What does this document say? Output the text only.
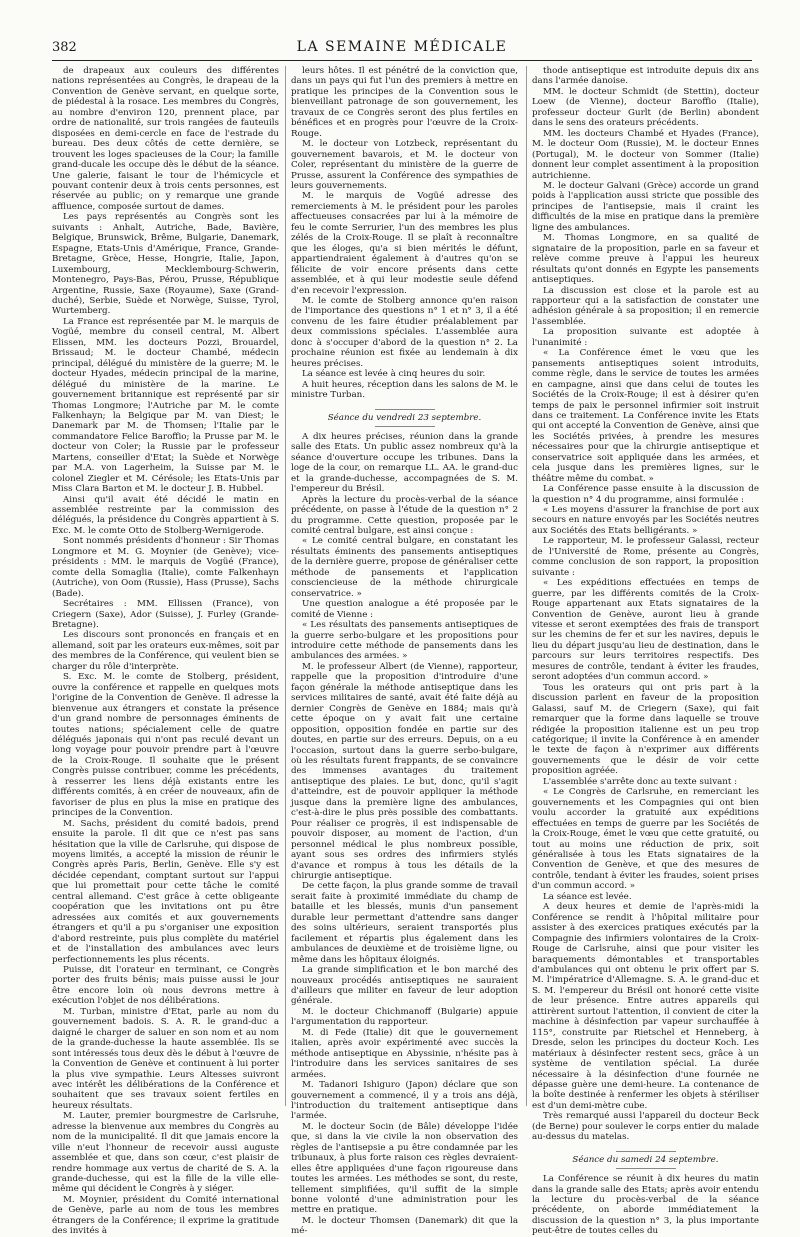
382	LA SEMAINE MÉDICALE

de drapeaux aux couleurs des différentes nations représentées au Congrès, le drapeau de la Convention de Genève servant, en quelque sorte, de piédestal à la rosace. Les membres du Congrès, au nombre d'environ 120, prennent place, par ordre de nationalité, sur trois rangées de fauteuils disposées en demi-cercle en face de l'estrade du bureau. Des deux côtés de cette dernière, se trouvent les loges spacieuses de la Cour; la famille grand-ducale les occupe dès le début de la séance. Une galerie, faisant le tour de l'hémicycle et pouvant contenir deux à trois cents personnes, est réservée au public; on y remarque une grande affluence, composée surtout de dames.

Les pays représentés au Congrès sont les suivants : Anhalt, Autriche, Bade, Bavière, Belgique, Brunswick, Brême, Bulgarie, Danemark, Espagne, Etats-Unis d'Amérique, France, Grande-Bretagne, Grèce, Hesse, Hongrie, Italie, Japon, Luxembourg, Mecklembourg-Schwerin, Montenegro, Pays-Bas, Pérou, Prusse, République Argentine, Russie, Saxe (Royaume), Saxe (Grand-duché), Serbie, Suède et Norwège, Suisse, Tyrol, Wurtemberg.

La France est représentée par M. le marquis de Vogüé, membre du conseil central, M. Albert Elissen, MM. les docteurs Pozzi, Brouardel, Brissaud; M. le docteur Chambé, médecin principal, délégué du ministère de la guerre; M. le docteur Hyades, médecin principal de la marine, délégué du ministère de la marine. Le gouvernement britannique est représenté par sir Thomas Longmore; l'Autriche par M. le comte Falkenhayn; la Belgique par M. van Diest; le Danemark par M. de Thomsen; l'Italie par le commandatore Felice Baroffio; la Prusse par M. le docteur von Coler; la Russie par le professeur Martens, conseiller d'Etat; la Suède et Norwège par M.A. von Lagerheim, la Suisse par M. le colonel Ziegler et M. Cérésole; les Etats-Unis par Miss Clara Barton et M. le docteur J. B. Hubbel.

Ainsi qu'il avait été décidé le matin en assemblée restreinte par la commission des délégués, la présidence du Congrès appartient à S. Exc. M. le comte Otto de Stolberg-Wernigerode.

Sont nommés présidents d'honneur : Sir Thomas Longmore et M. G. Moynier (de Genève); vice-présidents : MM. le marquis de Vogüé (France), comte della Somaglia (Italie), comte Falkenhayn (Autriche), von Oom (Russie), Hass (Prusse), Sachs (Bade).

Secrétaires : MM. Ellissen (France), von Criegern (Saxe), Ador (Suisse), J. Furley (Grande-Bretagne).

Les discours sont prononcés en français et en allemand, soit par les orateurs eux-mêmes, soit par des membres de la Conférence, qui veulent bien se charger du rôle d'interprète.

S. Exc. M. le comte de Stolberg, président, ouvre la conférence et rappelle en quelques mots l'origine de la Convention de Genève. Il adresse la bienvenue aux étrangers et constate la présence d'un grand nombre de personnages éminents de toutes nations; spécialement celle de quatre délégués japonais qui n'ont pas reculé devant un long voyage pour pouvoir prendre part à l'œuvre de la Croix-Rouge. Il souhaite que le présent Congrès puisse contribuer, comme les précédents, à resserrer les liens déjà existants entre les différents comités, à en créer de nouveaux, afin de favoriser de plus en plus la mise en pratique des principes de la Convention.

M. Sachs, président du comité badois, prend ensuite la parole. Il dit que ce n'est pas sans hésitation que la ville de Carlsruhe, qui dispose de moyens limités, a accepté la mission de réunir le Congrès après Paris, Berlin, Genève. Elle s'y est décidée cependant, comptant surtout sur l'appui que lui promettait pour cette tâche le comité central allemand. C'est grâce à cette obligeante coopération que les invitations ont pu être adressées aux comités et aux gouvernements étrangers et qu'il a pu s'organiser une exposition d'abord restreinte, puis plus complète du matériel et de l'installation des ambulances avec leurs perfectionnements les plus récents.

Puisse, dit l'orateur en terminant, ce Congrès porter des fruits bénis; mais puisse aussi le jour être encore loin où nous devrons mettre à exécution l'objet de nos délibérations.

M. Turban, ministre d'Etat, parle au nom du gouvernement badois. S. A. R. le grand-duc a daigné le charger de saluer en son nom et au nom de la grande-duchesse la haute assemblée. Ils se sont intéressés tous deux dès le début à l'œuvre de la Convention de Genève et continuent à lui porter la plus vive sympathie. Leurs Altesses suivront avec intérêt les délibérations de la Conférence et souhaitent que ses travaux soient fertiles en heureux résultats.

M. Lauter, premier bourgmestre de Carlsruhe, adresse la bienvenue aux membres du Congrès au nom de la municipalité. Il dit que jamais encore la ville n'eut l'honneur de recevoir aussi auguste assemblée et que, dans son cœur, c'est plaisir de rendre hommage aux vertus de charité de S. A. la grande-duchesse, qui est la fille de la ville elle-même qui décident le Congrès à y siéger.

M. Moynier, président du Comité international de Genève, parle au nom de tous les membres étrangers de la Conférence; il exprime la gratitude des invités à

leurs hôtes. Il est pénétré de la conviction que, dans un pays qui fut l'un des premiers à mettre en pratique les principes de la Convention sous le bienveillant patronage de son gouvernement, les travaux de ce Congrès seront des plus fertiles en bénéfices et en progrès pour l'œuvre de la Croix-Rouge.

M. le docteur von Lotzbeck, représentant du gouvernement bavarois, et M. le docteur von Coler, représentant du ministère de la guerre de Prusse, assurent la Conférence des sympathies de leurs gouvernements.

M. le marquis de Vogüé adresse des remerciements à M. le président pour les paroles affectueuses consacrées par lui à la mémoire de feu le comte Serrurier, l'un des membres les plus zélés de la Croix-Rouge. Il se plaît à reconnaître que les éloges, qu'a si bien mérités le défunt, appartiendraient également à d'autres qu'on se félicite de voir encore présents dans cette assemblée, et à qui leur modestie seule défend d'en recevoir l'expression.

M. le comte de Stolberg annonce qu'en raison de l'importance des questions n° 1 et n° 3, il a été convenu de les faire étudier préalablement par deux commissions spéciales. L'assemblée aura donc à s'occuper d'abord de la question n° 2. La prochaine réunion est fixée au lendemain à dix heures précises.

La séance est levée à cinq heures du soir.

A huit heures, réception dans les salons de M. le ministre Turban.

Séance du vendredi 23 septembre.

A dix heures précises, réunion dans la grande salle des Etats. Un public assez nombreux qu'à la séance d'ouverture occupe les tribunes. Dans la loge de la cour, on remarque LL. AA. le grand-duc et la grande-duchesse, accompagnées de S. M. l'empereur du Brésil.

Après la lecture du procès-verbal de la séance précédente, on passe à l'étude de la question n° 2 du programme. Cette question, proposée par le comité central bulgare, est ainsi conçue :

« Le comité central bulgare, en constatant les résultats éminents des pansements antiseptiques de la dernière guerre, propose de généraliser cette méthode de pansements et l'application consciencieuse de la méthode chirurgicale conservatrice. »

Une question analogue a été proposée par le comité de Vienne :

« Les résultats des pansements antiseptiques de la guerre serbo-bulgare et les propositions pour introduire cette méthode de pansements dans les ambulances des armées. »

M. le professeur Albert (de Vienne), rapporteur, rappelle que la proposition d'introduire d'une façon générale la méthode antiseptique dans les services militaires de santé, avait été faite déjà au dernier Congrès de Genève en 1884; mais qu'à cette époque on y avait fait une certaine opposition, opposition fondée en partie sur des doutes, en partie sur des erreurs. Depuis, on a eu l'occasion, surtout dans la guerre serbo-bulgare, où les résultats furent frappants, de se convaincre des immenses avantages du traitement antiseptique des plaies. Le but, donc, qu'il s'agit d'atteindre, est de pouvoir appliquer la méthode jusque dans la première ligne des ambulances, c'est-à-dire le plus près possible des combattants. Pour réaliser ce progrès, il est indispensable de pouvoir disposer, au moment de l'action, d'un personnel médical le plus nombreux possible, ayant sous ses ordres des infirmiers stylés d'avance et rompus à tous les détails de la chirurgie antiseptique.

De cette façon, la plus grande somme de travail serait faite à proximité immédiate du champ de bataille et les blessés, munis d'un pansement durable leur permettant d'attendre sans danger des soins ultérieurs, seraient transportés plus facilement et répartis plus également dans les ambulances de deuxième et de troisième ligne, ou même dans les hôpitaux éloignés.

La grande simplification et le bon marché des nouveaux procédés antiseptiques ne sauraient d'ailleurs que militer en faveur de leur adoption générale.

M. le docteur Chichmanoff (Bulgarie) appuie l'argumentation du rapporteur.

M. di Fede (Italie) dit que le gouvernement italien, après avoir expérimenté avec succès la méthode antiseptique en Abyssinie, n'hésite pas à l'introduire dans les services sanitaires de ses armées.

M. Tadanori Ishiguro (Japon) déclare que son gouvernement a commencé, il y a trois ans déjà, l'introduction du traitement antiseptique dans l'armée.

M. le docteur Socin (de Bâle) développe l'idée que, si dans la vie civile la non observation des règles de l'antisepsie a pu être condamnée par les tribunaux, à plus forte raison ces règles devraient-elles être appliquées d'une façon rigoureuse dans toutes les armées. Les méthodes se sont, du reste, tellement simplifiées, qu'il suffit de la simple bonne volonté d'une administration pour les mettre en pratique.

M. le docteur Thomsen (Danemark) dit que la mé-

thode antiseptique est introduite depuis dix ans dans l'armée danoise.

MM. le docteur Schmidt (de Stettin), docteur Loew (de Vienne), docteur Baroffio (Italie), professeur docteur Gurlt (de Berlin) abondent dans le sens des orateurs précédents.

MM. les docteurs Chambé et Hyades (France), M. le docteur Oom (Russie), M. le docteur Ennes (Portugal), M. le docteur von Sommer (Italie) donnent leur complet assentiment à la proposition autrichienne.

M. le docteur Galvani (Grèce) accorde un grand poids à l'application aussi stricte que possible des principes de l'antisepsie, mais il craint les difficultés de la mise en pratique dans la première ligne des ambulances.

M. Thomas Longmore, en sa qualité de signataire de la proposition, parle en sa faveur et relève comme preuve à l'appui les heureux résultats qu'ont donnés en Egypte les pansements antiseptiques.

La discussion est close et la parole est au rapporteur qui a la satisfaction de constater une adhésion générale à sa proposition; il en remercie l'assemblée.

La proposition suivante est adoptée à l'unanimité :

« La Conférence émet le vœu que les pansements antiseptiques soient introduits, comme règle, dans le service de toutes les armées en campagne, ainsi que dans celui de toutes les Sociétés de la Croix-Rouge; il est à désirer qu'en temps de paix le personnel infirmier soit instruit dans ce traitement. La Conférence invite les Etats qui ont accepté la Convention de Genève, ainsi que les Sociétés privées, à prendre les mesures nécessaires pour que la chirurgie antiseptique et conservatrice soit appliquée dans les armées, et cela jusque dans les premières lignes, sur le théâtre même du combat. »

La Conférence passe ensuite à la discussion de la question n° 4 du programme, ainsi formulée :

« Les moyens d'assurer la franchise de port aux secours en nature envoyés par les Sociétés neutres aux Sociétés des Etats belligérants. »

Le rapporteur, M. le professeur Galassi, recteur de l'Université de Rome, présente au Congrès, comme conclusion de son rapport, la proposition suivante :

« Les expéditions effectuées en temps de guerre, par les différents comités de la Croix-Rouge appartenant aux Etats signataires de la Convention de Genève, auront lieu à grande vitesse et seront exemptées des frais de transport sur les chemins de fer et sur les navires, depuis le lieu du départ jusqu'au lieu de destination, dans le parcours sur leurs territoires respectifs. Des mesures de contrôle, tendant à éviter les fraudes, seront adoptées d'un commun accord. »

Tous les orateurs qui ont pris part à la discussion parlent en faveur de la proposition Galassi, sauf M. de Criegern (Saxe), qui fait remarquer que la forme dans laquelle se trouve rédigée la proposition italienne est un peu trop catégorique; il invite la Conférence à en amender le texte de façon à n'exprimer aux différents gouvernements que le désir de voir cette proposition agréée.

L'assemblée s'arrête donc au texte suivant :

« Le Congrès de Carlsruhe, en remerciant les gouvernements et les Compagnies qui ont bien voulu accorder la gratuité aux expéditions effectuées en temps de guerre par les Sociétés de la Croix-Rouge, émet le vœu que cette gratuité, ou tout au moins une réduction de prix, soit généralisée à tous les Etats signataires de la Convention de Genève, et que des mesures de contrôle, tendant à éviter les fraudes, soient prises d'un commun accord. »

La séance est levée.

A deux heures et demie de l'après-midi la Conférence se rendit à l'hôpital militaire pour assister à des exercices pratiques exécutés par la Compagnie des infirmiers volontaires de la Croix-Rouge de Carlsruhe, ainsi que pour visiter les baraquements démontables et transportables d'ambulances qui ont obtenu le prix offert par S. M. l'impératrice d'Allemagne. S. A. le grand-duc et S. M. l'empereur du Brésil ont honoré cette visite de leur présence. Entre autres appareils qui attirèrent surtout l'attention, il convient de citer la machine à désinfection par vapeur surchauffée à 115°, construite par Rietschel et Henneberg, à Dresde, selon les principes du docteur Koch. Les matériaux à désinfecter restent secs, grâce à un système de ventilation spécial. La durée nécessaire à la désinfection d'une fournée ne dépasse guère une demi-heure. La contenance de la boîte destinée à renfermer les objets à stériliser est d'un demi-mètre cube.

Très remarqué aussi l'appareil du docteur Beck (de Berne) pour soulever le corps entier du malade au-dessus du matelas.

Séance du samedi 24 septembre.

La Conférence se réunit à dix heures du matin dans la grande salle des Etats; après avoir entendu la lecture du procès-verbal de la séance précédente, on aborde immédiatement la discussion de la question n° 3, la plus importante peut-être de toutes celles du
